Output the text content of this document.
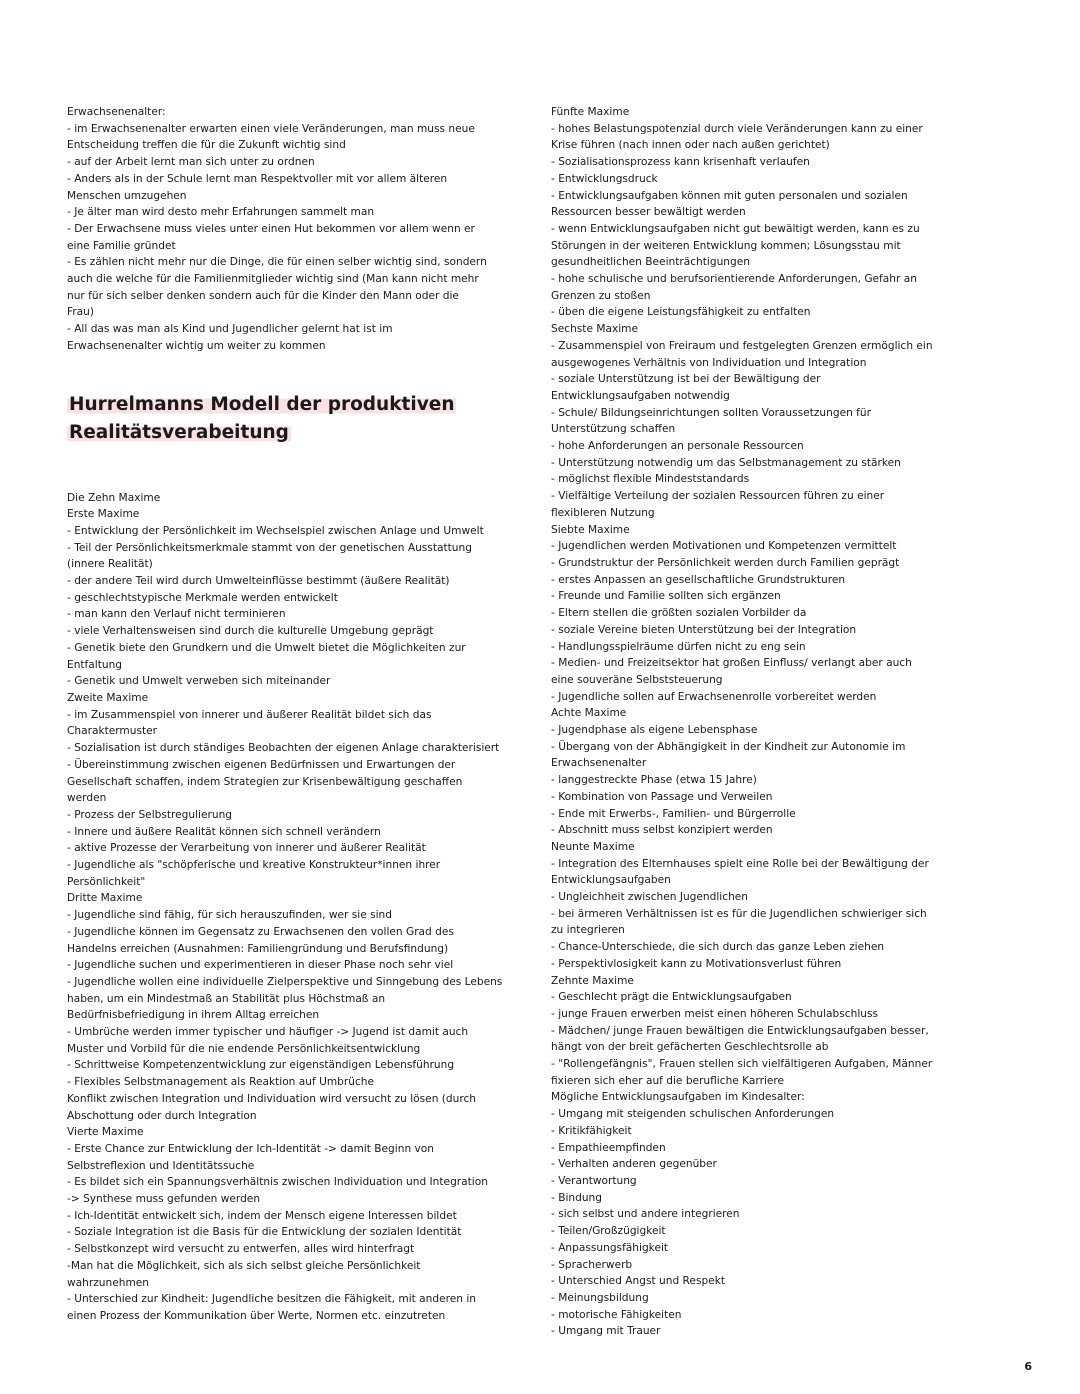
Erwachsenenalter:
- im Erwachsenenalter erwarten einen viele Veränderungen, man muss neue
Entscheidung treffen die für die Zukunft wichtig sind
- auf der Arbeit lernt man sich unter zu ordnen
- Anders als in der Schule lernt man Respektvoller mit vor allem älteren
Menschen umzugehen
- Je älter man wird desto mehr Erfahrungen sammelt man
- Der Erwachsene muss vieles unter einen Hut bekommen vor allem wenn er
eine Familie gründet
- Es zählen nicht mehr nur die Dinge, die für einen selber wichtig sind, sondern
auch die welche für die Familienmitglieder wichtig sind (Man kann nicht mehr
nur für sich selber denken sondern auch für die Kinder den Mann oder die
Frau)
- All das was man als Kind und Jugendlicher gelernt hat ist im
Erwachsenenalter wichtig um weiter zu kommen
Hurrelmanns Modell der produktiven
Realitätsverabeitung
Die Zehn Maxime
Erste Maxime
- Entwicklung der Persönlichkeit im Wechselspiel zwischen Anlage und Umwelt
- Teil der Persönlichkeitsmerkmale stammt von der genetischen Ausstattung
(innere Realität)
- der andere Teil wird durch Umwelteinflüsse bestimmt (äußere Realität)
- geschlechtstypische Merkmale werden entwickelt
- man kann den Verlauf nicht terminieren
- viele Verhaltensweisen sind durch die kulturelle Umgebung geprägt
- Genetik biete den Grundkern und die Umwelt bietet die Möglichkeiten zur
Entfaltung
- Genetik und Umwelt verweben sich miteinander
Zweite Maxime
- im Zusammenspiel von innerer und äußerer Realität bildet sich das
Charaktermuster
- Sozialisation ist durch ständiges Beobachten der eigenen Anlage charakterisiert
- Übereinstimmung zwischen eigenen Bedürfnissen und Erwartungen der
Gesellschaft schaffen, indem Strategien zur Krisenbewältigung geschaffen
werden
- Prozess der Selbstregulierung
- Innere und äußere Realität können sich schnell verändern
- aktive Prozesse der Verarbeitung von innerer und äußerer Realität
- Jugendliche als "schöpferische und kreative Konstrukteur*innen ihrer
Persönlichkeit"
Dritte Maxime
- Jugendliche sind fähig, für sich herauszufinden, wer sie sind
- Jugendliche können im Gegensatz zu Erwachsenen den vollen Grad des
Handelns erreichen (Ausnahmen: Familiengründung und Berufsfindung)
- Jugendliche suchen und experimentieren in dieser Phase noch sehr viel
- Jugendliche wollen eine individuelle Zielperspektive und Sinngebung des Lebens
haben, um ein Mindestmaß an Stabilität plus Höchstmaß an
Bedürfnisbefriedigung in ihrem Alltag erreichen
- Umbrüche werden immer typischer und häufiger -> Jugend ist damit auch
Muster und Vorbild für die nie endende Persönlichkeitsentwicklung
- Schrittweise Kompetenzentwicklung zur eigenständigen Lebensführung
- Flexibles Selbstmanagement als Reaktion auf Umbrüche
Konflikt zwischen Integration und Individuation wird versucht zu lösen (durch
Abschottung oder durch Integration
Vierte Maxime
- Erste Chance zur Entwicklung der Ich-Identität -> damit Beginn von
Selbstreflexion und Identitätssuche
- Es bildet sich ein Spannungsverhältnis zwischen Individuation und Integration
-> Synthese muss gefunden werden
- Ich-Identität entwickelt sich, indem der Mensch eigene Interessen bildet
- Soziale Integration ist die Basis für die Entwicklung der sozialen Identität
- Selbstkonzept wird versucht zu entwerfen, alles wird hinterfragt
-Man hat die Möglichkeit, sich als sich selbst gleiche Persönlichkeit
wahrzunehmen
- Unterschied zur Kindheit: Jugendliche besitzen die Fähigkeit, mit anderen in
einen Prozess der Kommunikation über Werte, Normen etc. einzutreten
Fünfte Maxime
- hohes Belastungspotenzial durch viele Veränderungen kann zu einer
Krise führen (nach innen oder nach außen gerichtet)
- Sozialisationsprozess kann krisenhaft verlaufen
- Entwicklungsdruck
- Entwicklungsaufgaben können mit guten personalen und sozialen
Ressourcen besser bewältigt werden
- wenn Entwicklungsaufgaben nicht gut bewältigt werden, kann es zu
Störungen in der weiteren Entwicklung kommen; Lösungsstau mit
gesundheitlichen Beeinträchtigungen
- hohe schulische und berufsorientierende Anforderungen, Gefahr an
Grenzen zu stoßen
- üben die eigene Leistungsfähigkeit zu entfalten
Sechste Maxime
- Zusammenspiel von Freiraum und festgelegten Grenzen ermöglich ein
ausgewogenes Verhältnis von Individuation und Integration
- soziale Unterstützung ist bei der Bewältigung der
Entwicklungsaufgaben notwendig
- Schule/ Bildungseinrichtungen sollten Voraussetzungen für
Unterstützung schaffen
- hohe Anforderungen an personale Ressourcen
- Unterstützung notwendig um das Selbstmanagement zu stärken
- möglichst flexible Mindeststandards
- Vielfältige Verteilung der sozialen Ressourcen führen zu einer
flexibleren Nutzung
Siebte Maxime
- Jugendlichen werden Motivationen und Kompetenzen vermittelt
- Grundstruktur der Persönlichkeit werden durch Familien geprägt
- erstes Anpassen an gesellschaftliche Grundstrukturen
- Freunde und Familie sollten sich ergänzen
- Eltern stellen die größten sozialen Vorbilder da
- soziale Vereine bieten Unterstützung bei der Integration
- Handlungsspielräume dürfen nicht zu eng sein
- Medien- und Freizeitsektor hat großen Einfluss/ verlangt aber auch
eine souveräne Selbststeuerung
- Jugendliche sollen auf Erwachsenenrolle vorbereitet werden
Achte Maxime
- Jugendphase als eigene Lebensphase
- Übergang von der Abhängigkeit in der Kindheit zur Autonomie im
Erwachsenenalter
- langgestreckte Phase (etwa 15 Jahre)
- Kombination von Passage und Verweilen
- Ende mit Erwerbs-, Familien- und Bürgerrolle
- Abschnitt muss selbst konzipiert werden
Neunte Maxime
- Integration des Elternhauses spielt eine Rolle bei der Bewältigung der
Entwicklungsaufgaben
- Ungleichheit zwischen Jugendlichen
- bei ärmeren Verhältnissen ist es für die Jugendlichen schwieriger sich
zu integrieren
- Chance-Unterschiede, die sich durch das ganze Leben ziehen
- Perspektivlosigkeit kann zu Motivationsverlust führen
Zehnte Maxime
- Geschlecht prägt die Entwicklungsaufgaben
- junge Frauen erwerben meist einen höheren Schulabschluss
- Mädchen/ junge Frauen bewältigen die Entwicklungsaufgaben besser,
hängt von der breit gefächerten Geschlechtsrolle ab
- "Rollengefängnis", Frauen stellen sich vielfältigeren Aufgaben, Männer
fixieren sich eher auf die berufliche Karriere
Mögliche Entwicklungsaufgaben im Kindesalter:
- Umgang mit steigenden schulischen Anforderungen
- Kritikfähigkeit
- Empathieempfinden
- Verhalten anderen gegenüber
- Verantwortung
- Bindung
- sich selbst und andere integrieren
- Teilen/Großzügigkeit
- Anpassungsfähigkeit
- Spracherwerb
- Unterschied Angst und Respekt
- Meinungsbildung
- motorische Fähigkeiten
- Umgang mit Trauer
6
